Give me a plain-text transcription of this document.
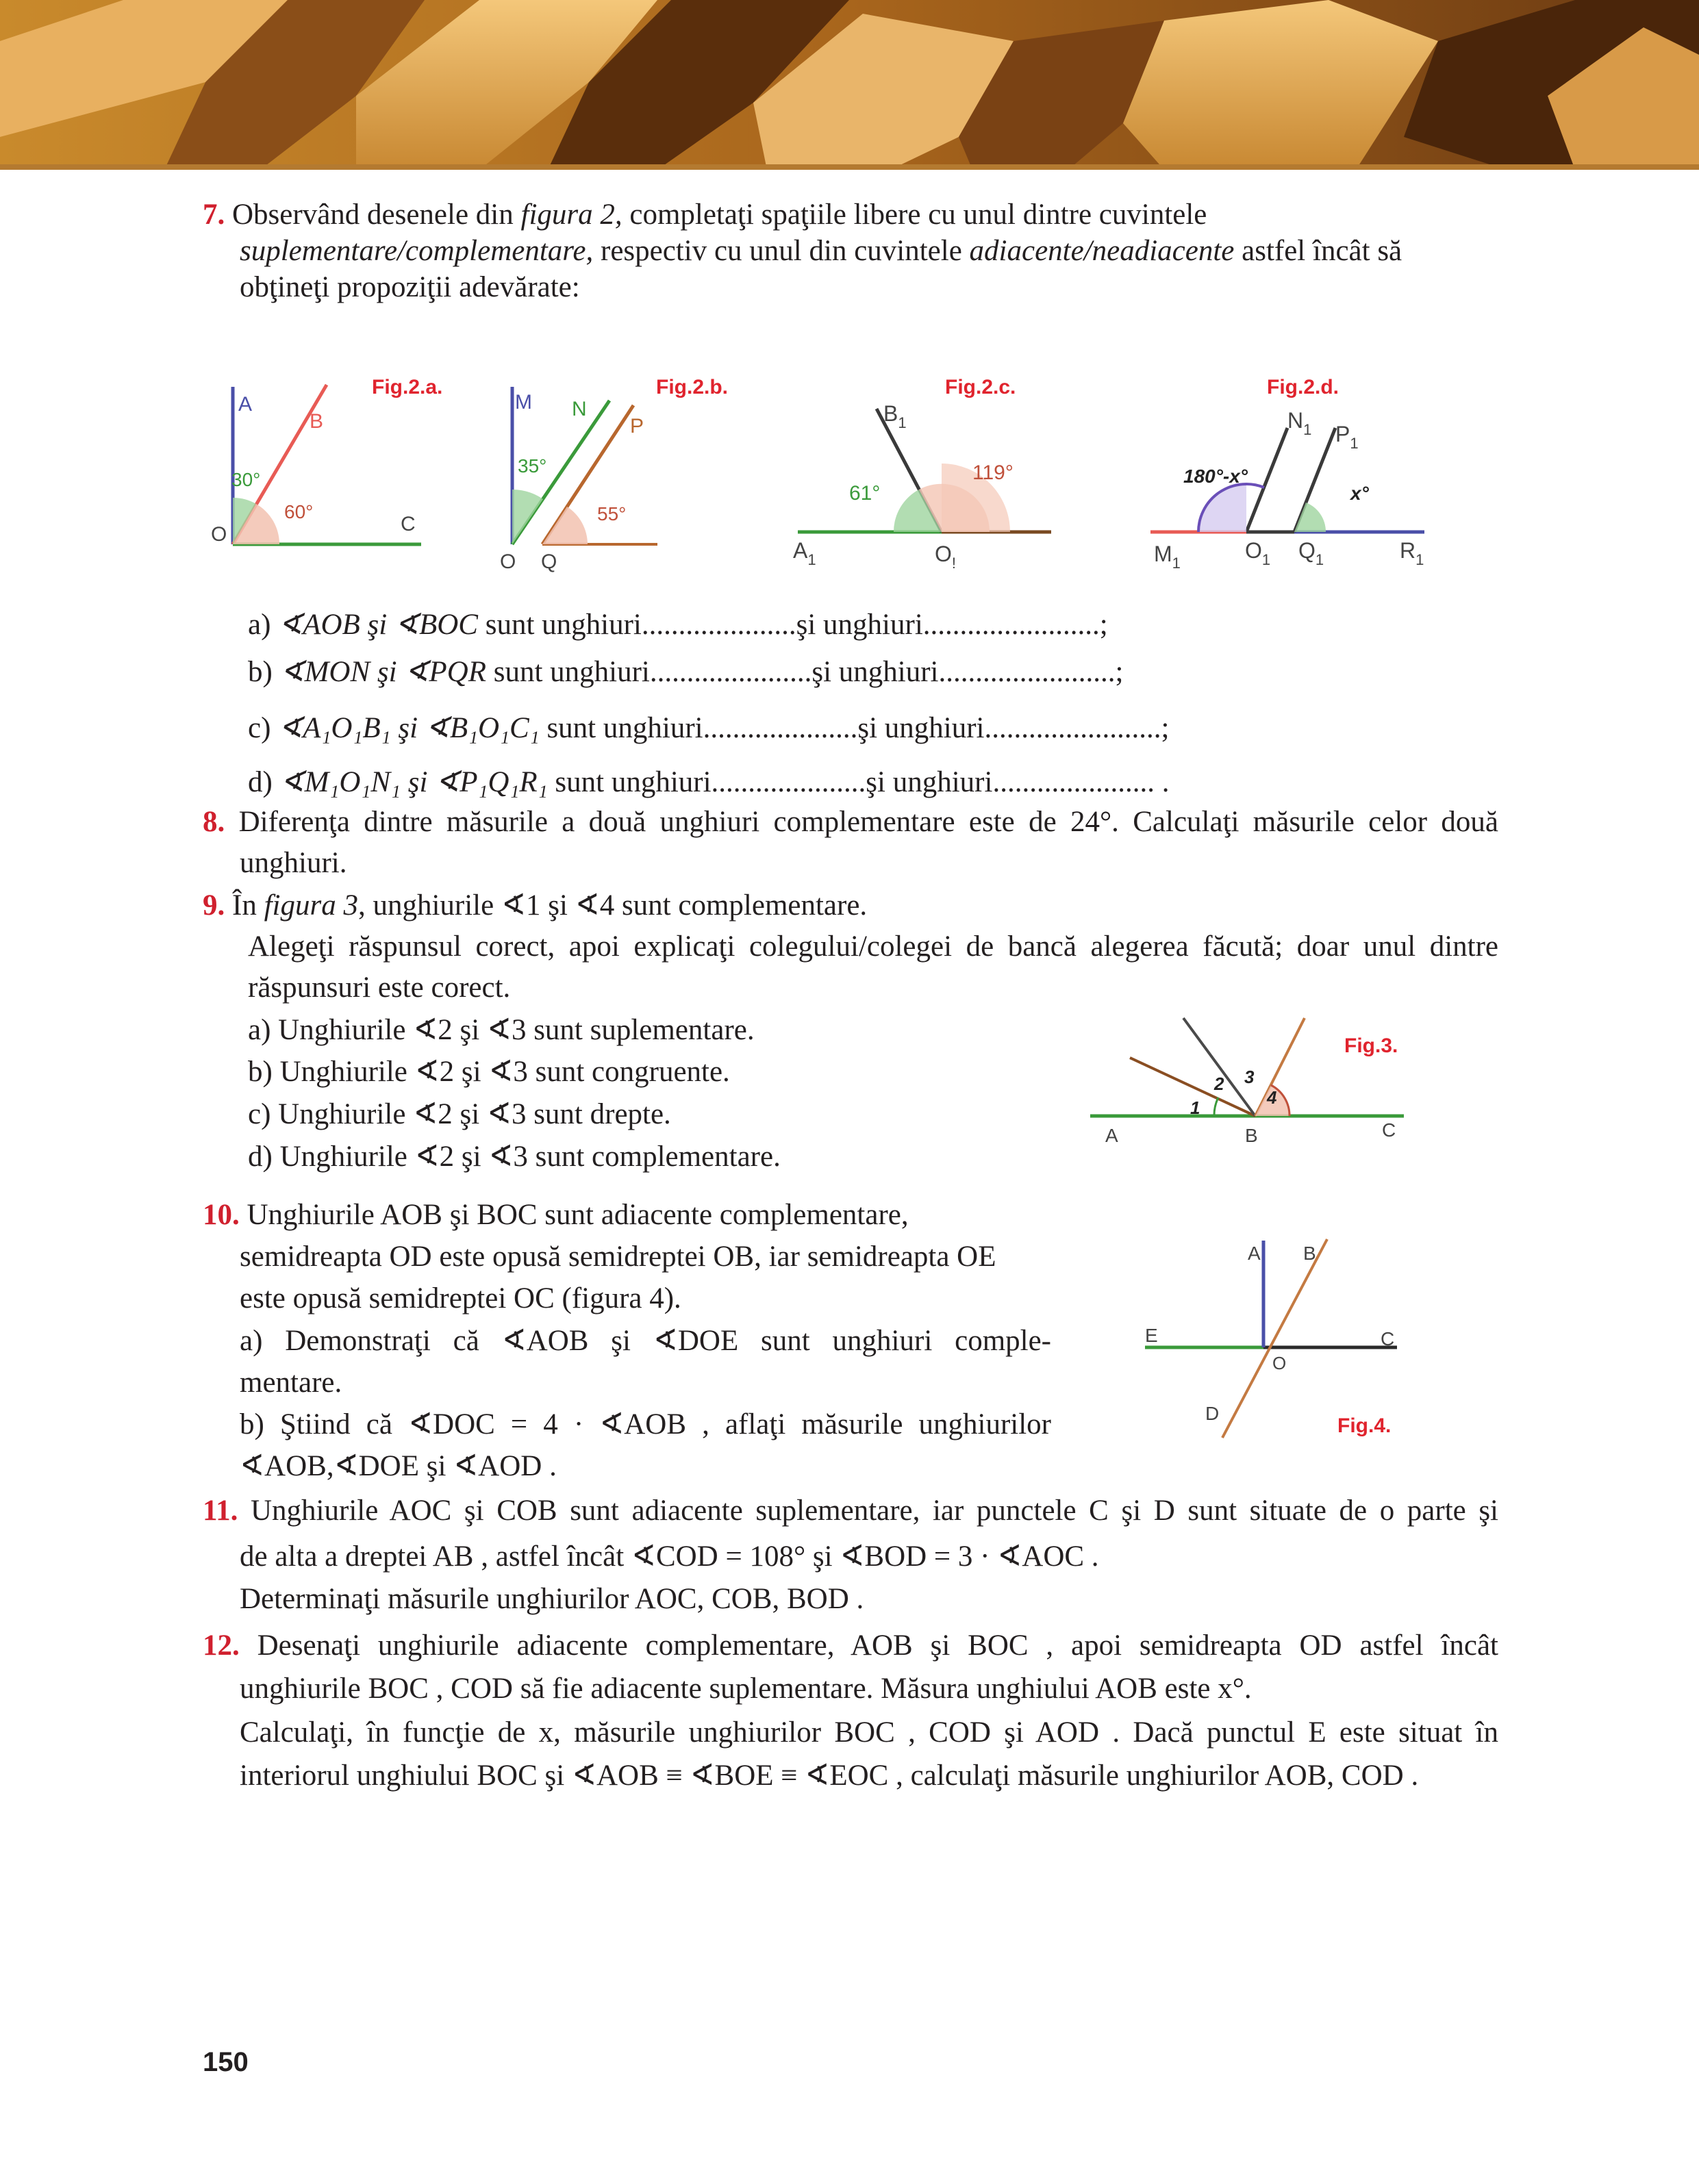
7. Observând desenele din figura 2, completaţi spaţiile libere cu unul dintre cuvintele
suplementare/complementare, respectiv cu unul din cuvintele adiacente/neadiacente astfel încât să
obţineţi propoziţii adevărate:
A
B
O	C
30°
60°
Fig.2.a.
M N
P
O Q
35°
55°
Fig.2.b.
$B_1$
$A_1$	$O_!$
61°
119°
Fig.2.c.
$N_1$ $P_1$
$M_1$
$O_1$ $Q_1$	$R_1$
180°-x°
x°
Fig.2.d.
a) ∢AOB şi ∢BOC sunt unghiuri.....................şi unghiuri........................;
b) ∢MON şi ∢PQR sunt unghiuri......................şi unghiuri........................;
c) ∢A₁O₁B₁ şi ∢B₁O₁C₁ sunt unghiuri.....................şi unghiuri........................;
d) ∢M₁O₁N₁ şi ∢P₁Q₁R₁ sunt unghiuri.....................şi unghiuri...................... .
8. Diferenţa dintre măsurile a două unghiuri complementare este de 24°. Calculaţi măsurile celor două
unghiuri.
9. În figura 3, unghiurile ∢1 şi ∢4 sunt complementare.
Alegeţi răspunsul corect, apoi explicaţi colegului/colegei de bancă alegerea făcută; doar unul dintre
răspunsuri este corect.
a) Unghiurile ∢2 şi ∢3 sunt suplementare.
b) Unghiurile ∢2 şi ∢3 sunt congruente.
c) Unghiurile ∢2 şi ∢3 sunt drepte.
d) Unghiurile ∢2 şi ∢3 sunt complementare.
1
2 3
4
A	B	C
Fig.3.
10. Unghiurile AOB şi BOC sunt adiacente complementare,
semidreapta OD este opusă semidreptei OB, iar semidreapta OE
este opusă semidreptei OC (figura 4).
a) Demonstraţi că ∢AOB şi ∢DOE sunt unghiuri comple-
mentare.
b) Ştiind că ∢DOC = 4 · ∢AOB , aflaţi măsurile unghiurilor
∢AOB,∢DOE şi ∢AOD .
A B
C
E
O
D
Fig.4.
11. Unghiurile AOC şi COB sunt adiacente suplementare, iar punctele C şi D sunt situate de o parte şi
de alta a dreptei AB , astfel încât ∢COD = 108° şi ∢BOD = 3 · ∢AOC .
Determinaţi măsurile unghiurilor AOC, COB, BOD .
12. Desenaţi unghiurile adiacente complementare, AOB şi BOC , apoi semidreapta OD astfel încât
unghiurile BOC , COD să fie adiacente suplementare. Măsura unghiului AOB este x°.
Calculaţi, în funcţie de x, măsurile unghiurilor BOC , COD şi AOD . Dacă punctul E este situat în
interiorul unghiului BOC şi ∢AOB ≡ ∢BOE ≡ ∢EOC , calculaţi măsurile unghiurilor AOB, COD .
150
